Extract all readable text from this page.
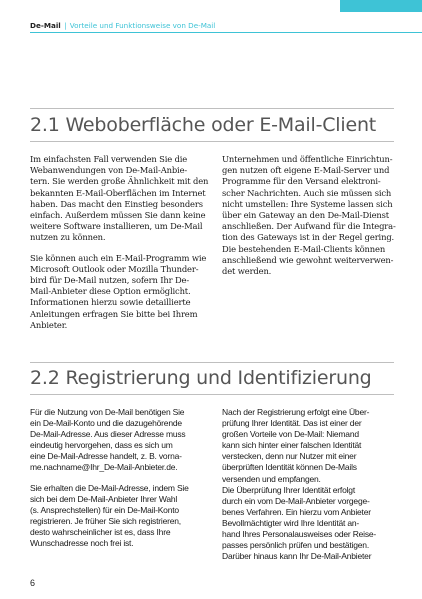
De-Mail | Vorteile und Funktionsweise von De-Mail
2.1 Weboberfläche oder E-Mail-Client

Im einfachsten Fall verwenden Sie die
Webanwendungen von De-Mail-Anbie-
tern. Sie werden große Ähnlichkeit mit den
bekannten E-Mail-Oberflächen im Internet
haben. Das macht den Einstieg besonders
einfach. Außerdem müssen Sie dann keine
weitere Software installieren, um De-Mail
nutzen zu können.

Sie können auch ein E-Mail-Programm wie
Microsoft Outlook oder Mozilla Thunder-
bird für De-Mail nutzen, sofern Ihr De-
Mail-Anbieter diese Option ermöglicht.
Informationen hierzu sowie detaillierte
Anleitungen erfragen Sie bitte bei Ihrem
Anbieter.

Unternehmen und öffentliche Einrichtun-
gen nutzen oft eigene E-Mail-Server und
Programme für den Versand elektroni-
scher Nachrichten. Auch sie müssen sich
nicht umstellen: Ihre Systeme lassen sich
über ein Gateway an den De-Mail-Dienst
anschließen. Der Aufwand für die Integra-
tion des Gateways ist in der Regel gering.
Die bestehenden E-Mail-Clients können
anschließend wie gewohnt weiterverwen-
det werden.

2.2 Registrierung und Identifizierung

Für die Nutzung von De-Mail benötigen Sie
ein De-Mail-Konto und die dazugehörende
De-Mail-Adresse. Aus dieser Adresse muss
eindeutig hervorgehen, dass es sich um
eine De-Mail-Adresse handelt, z. B. vorna-
me.nachname@Ihr_De-Mail-Anbieter.de.

Sie erhalten die De-Mail-Adresse, indem Sie
sich bei dem De-Mail-Anbieter Ihrer Wahl
(s. Ansprechstellen) für ein De-Mail-Konto
registrieren. Je früher Sie sich registrieren,
desto wahrscheinlicher ist es, dass Ihre
Wunschadresse noch frei ist.

Nach der Registrierung erfolgt eine Über-
prüfung Ihrer Identität. Das ist einer der
großen Vorteile von De-Mail: Niemand
kann sich hinter einer falschen Identität
verstecken, denn nur Nutzer mit einer
überprüften Identität können De-Mails
versenden und empfangen.
Die Überprüfung Ihrer Identität erfolgt
durch ein vom De-Mail-Anbieter vorgege-
benes Verfahren. Ein hierzu vom Anbieter
Bevollmächtigter wird Ihre Identität an-
hand Ihres Personalausweises oder Reise-
passes persönlich prüfen und bestätigen.
Darüber hinaus kann Ihr De-Mail-Anbieter

6
